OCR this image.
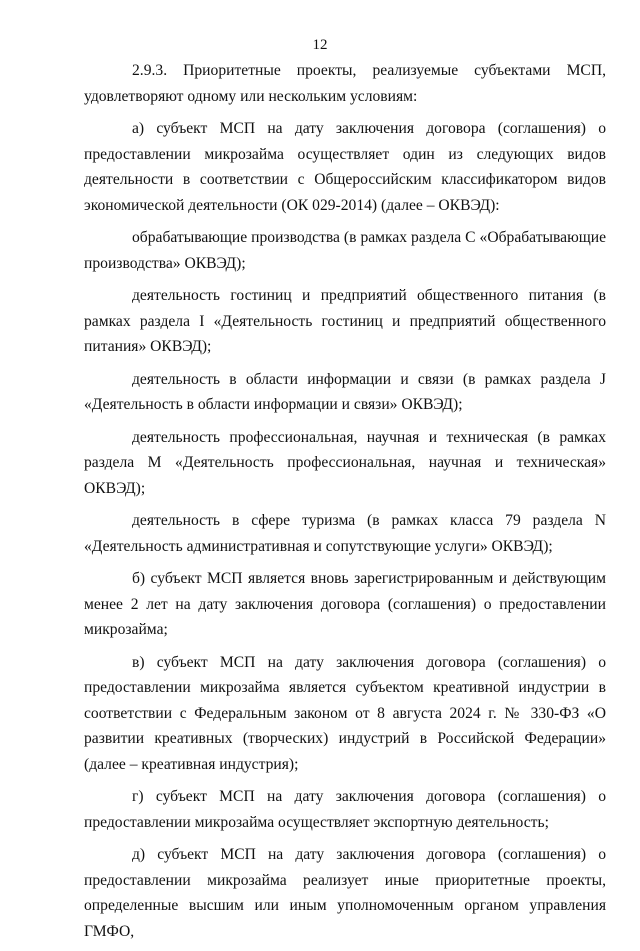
12

2.9.3. Приоритетные проекты, реализуемые субъектами МСП, удовлетворяют одному или нескольким условиям:

а) субъект МСП на дату заключения договора (соглашения) о предоставлении микрозайма осуществляет один из следующих видов деятельности в соответствии с Общероссийским классификатором видов экономической деятельности (ОК 029-2014) (далее – ОКВЭД):

обрабатывающие производства (в рамках раздела С «Обрабатывающие производства» ОКВЭД);

деятельность гостиниц и предприятий общественного питания (в рамках раздела I «Деятельность гостиниц и предприятий общественного питания» ОКВЭД);

деятельность в области информации и связи (в рамках раздела J «Деятельность в области информации и связи» ОКВЭД);

деятельность профессиональная, научная и техническая (в рамках раздела М «Деятельность профессиональная, научная и техническая» ОКВЭД);

деятельность в сфере туризма (в рамках класса 79 раздела N «Деятельность административная и сопутствующие услуги» ОКВЭД);

б) субъект МСП является вновь зарегистрированным и действующим менее 2 лет на дату заключения договора (соглашения) о предоставлении микрозайма;

в) субъект МСП на дату заключения договора (соглашения) о предоставлении микрозайма является субъектом креативной индустрии в соответствии с Федеральным законом от 8 августа 2024 г. № 330-ФЗ «О развитии креативных (творческих) индустрий в Российской Федерации» (далее – креативная индустрия);

г) субъект МСП на дату заключения договора (соглашения) о предоставлении микрозайма осуществляет экспортную деятельность;

д) субъект МСП на дату заключения договора (соглашения) о предоставлении микрозайма реализует иные приоритетные проекты, определенные высшим или иным уполномоченным органом управления ГМФО,
